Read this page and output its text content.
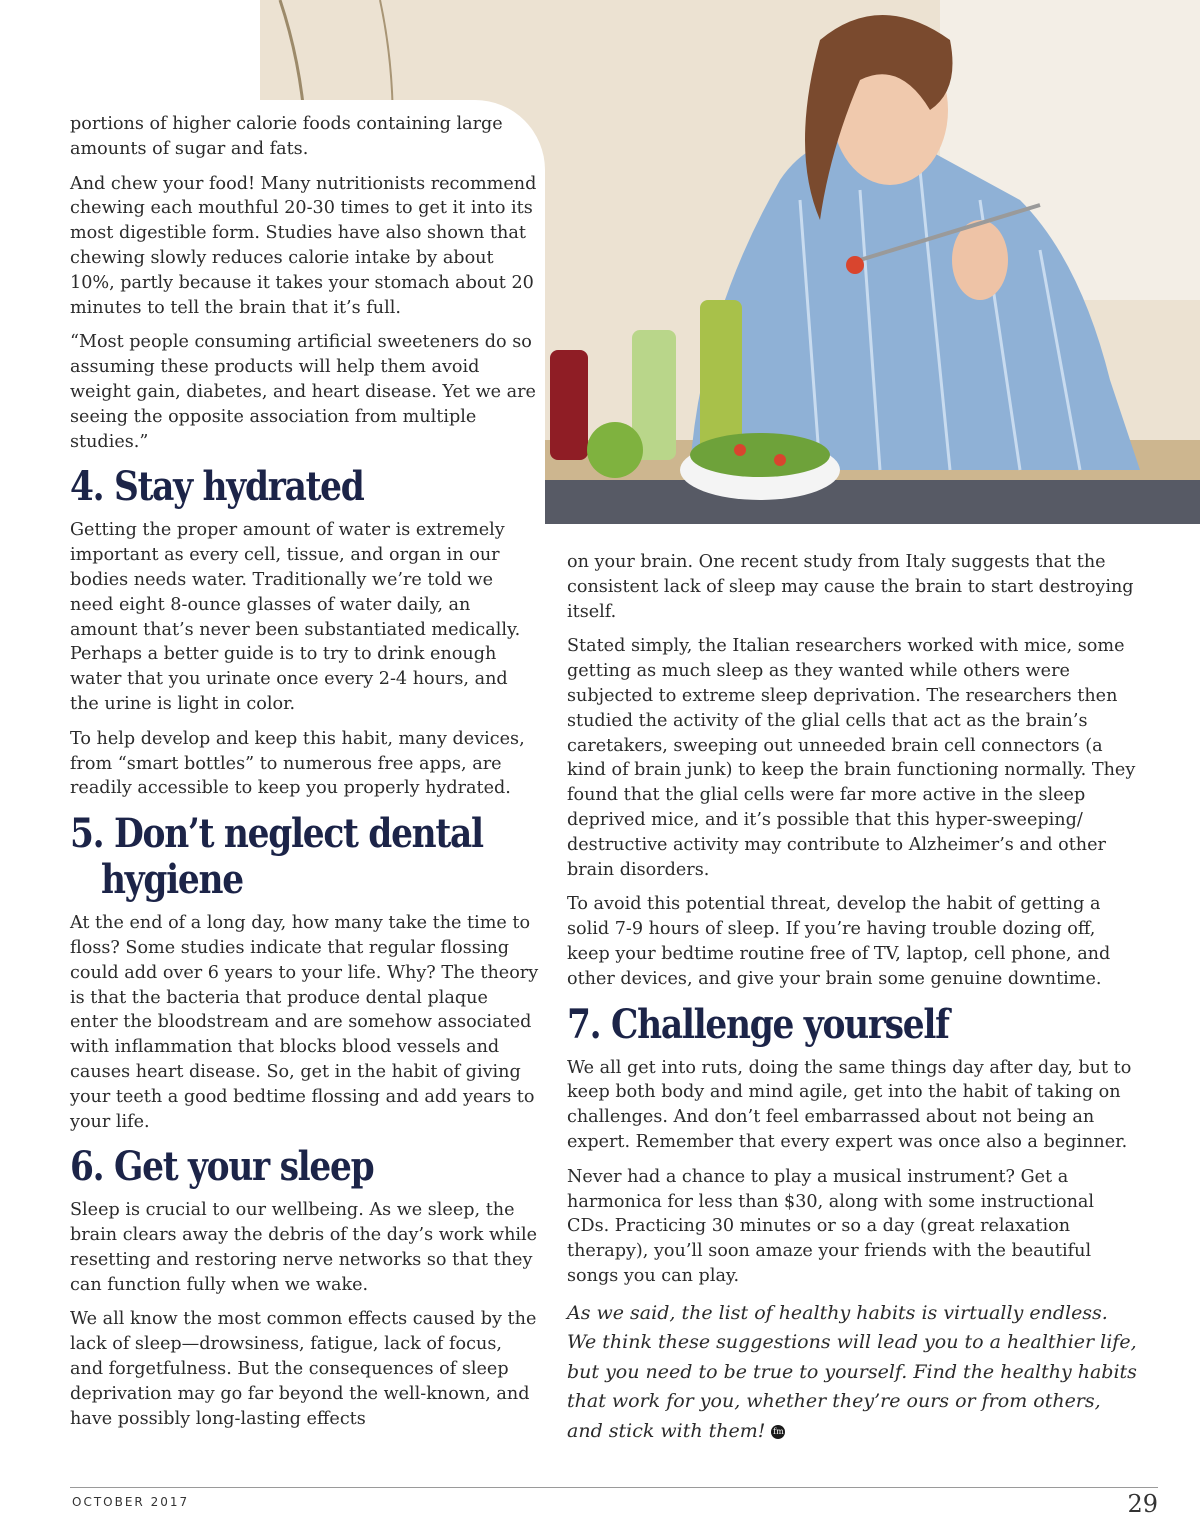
portions of higher calorie foods containing large amounts of sugar and fats.

And chew your food! Many nutritionists recommend chewing each mouthful 20-30 times to get it into its most digestible form. Studies have also shown that chewing slowly reduces calorie intake by about 10%, partly because it takes your stomach about 20 minutes to tell the brain that it’s full.

“Most people consuming artificial sweeteners do so assuming these products will help them avoid weight gain, diabetes, and heart disease. Yet we are seeing the opposite association from multiple studies.”

4. Stay hydrated

Getting the proper amount of water is extremely important as every cell, tissue, and organ in our bodies needs water. Traditionally we’re told we need eight 8-ounce glasses of water daily, an amount that’s never been substantiated medically. Perhaps a better guide is to try to drink enough water that you urinate once every 2-4 hours, and the urine is light in color.

To help develop and keep this habit, many devices, from “smart bottles” to numerous free apps, are readily accessible to keep you properly hydrated.

5. Don’t neglect dental
hygiene

At the end of a long day, how many take the time to floss? Some studies indicate that regular flossing could add over 6 years to your life. Why? The theory is that the bacteria that produce dental plaque enter the bloodstream and are somehow associated with inflammation that blocks blood vessels and causes heart disease. So, get in the habit of giving your teeth a good bedtime flossing and add years to your life.

6. Get your sleep

Sleep is crucial to our wellbeing. As we sleep, the brain clears away the debris of the day’s work while resetting and restoring nerve networks so that they can function fully when we wake.

We all know the most common effects caused by the lack of sleep—drowsiness, fatigue, lack of focus, and forgetfulness. But the consequences of sleep deprivation may go far beyond the well-known, and have possibly long-lasting effects

on your brain. One recent study from Italy suggests that the consistent lack of sleep may cause the brain to start destroying itself.

Stated simply, the Italian researchers worked with mice, some getting as much sleep as they wanted while others were subjected to extreme sleep deprivation. The researchers then studied the activity of the glial cells that act as the brain’s caretakers, sweeping out unneeded brain cell connectors (a kind of brain junk) to keep the brain functioning normally. They found that the glial cells were far more active in the sleep deprived mice, and it’s possible that this hyper-sweeping/ destructive activity may contribute to Alzheimer’s and other brain disorders.

To avoid this potential threat, develop the habit of getting a solid 7-9 hours of sleep. If you’re having trouble dozing off, keep your bedtime routine free of TV, laptop, cell phone, and other devices, and give your brain some genuine downtime.

7. Challenge yourself

We all get into ruts, doing the same things day after day, but to keep both body and mind agile, get into the habit of taking on challenges. And don’t feel embarrassed about not being an expert. Remember that every expert was once also a beginner.

Never had a chance to play a musical instrument? Get a harmonica for less than $30, along with some instructional CDs. Practicing 30 minutes or so a day (great relaxation therapy), you’ll soon amaze your friends with the beautiful songs you can play.

As we said, the list of healthy habits is virtually endless. We think these suggestions will lead you to a healthier life, but you need to be true to yourself. Find the healthy habits that work for you, whether they’re ours or from others, and stick with them! fm

OCTOBER 2017	29
